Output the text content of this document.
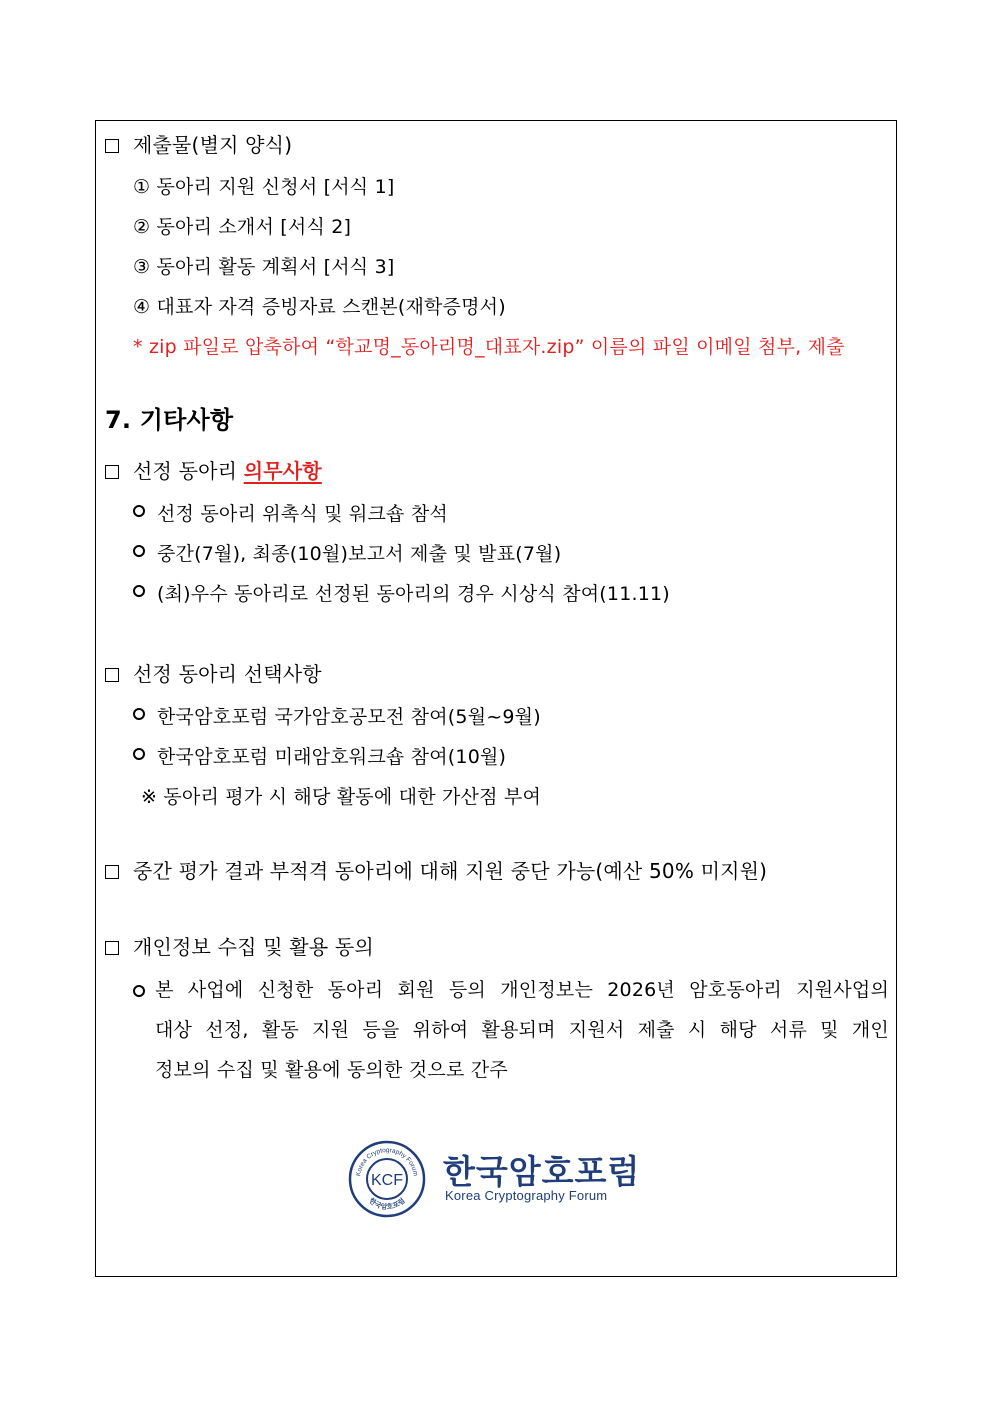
제출물(별지 양식)
① 동아리 지원 신청서 [서식 1]
② 동아리 소개서 [서식 2]
③ 동아리 활동 계획서 [서식 3]
④ 대표자 자격 증빙자료 스캔본(재학증명서)
* zip 파일로 압축하여 “학교명_동아리명_대표자.zip” 이름의 파일 이메일 첨부, 제출
7. 기타사항
선정 동아리 의무사항
선정 동아리 위촉식 및 워크숍 참석
중간(7월), 최종(10월)보고서 제출 및 발표(7월)
(최)우수 동아리로 선정된 동아리의 경우 시상식 참여(11.11)
선정 동아리 선택사항
한국암호포럼 국가암호공모전 참여(5월~9월)
한국암호포럼 미래암호워크숍 참여(10월)
※ 동아리 평가 시 해당 활동에 대한 가산점 부여
중간 평가 결과 부적격 동아리에 대해 지원 중단 가능(예산 50% 미지원)
개인정보 수집 및 활용 동의
본 사업에 신청한 동아리 회원 등의 개인정보는 2026년 암호동아리 지원사업의
대상 선정, 활동 지원 등을 위하여 활용되며 지원서 제출 시 해당 서류 및 개인
정보의 수집 및 활용에 동의한 것으로 간주
Korea Cryptography Forum
한국암호포럼
KCF 한국암호포럼
Korea Cryptography Forum
